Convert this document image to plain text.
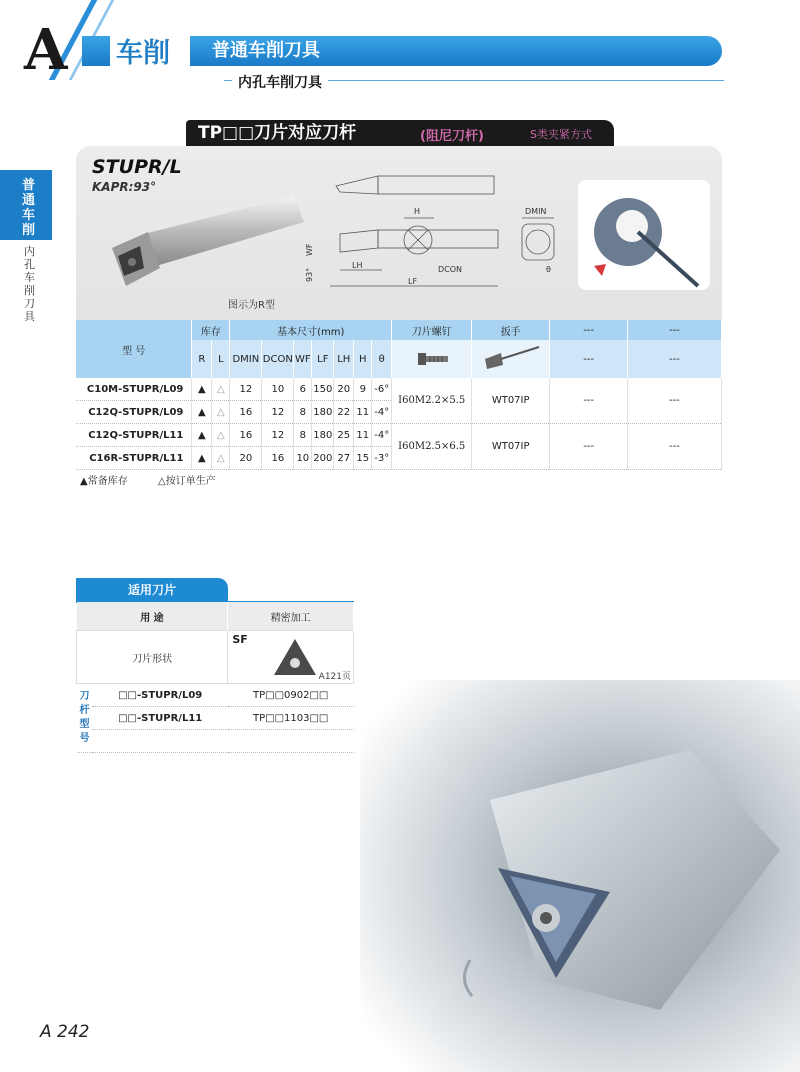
A 车削	普通车削刀具
内孔车削刀具
普通车削
内孔车削刀具
TP□□刀片对应刀杆	(阻尼刀杆)	S类夹紧方式
STUPR/L
KAPR:93°
图示为R型
H	DMIN
WF
93°
LH	DCON
LF
θ
型 号	库存		基本尺寸(mm)							刀片螺钉	扳手	---	---
	R	L	DMIN	DCON	WF	LF	LH	H	θ			---	---
C10M-STUPR/L09	▲	△	12	10	6	150	20	9	-6°	I60M2.2×5.5	WT07IP	---	---
C12Q-STUPR/L09	▲	△	16	12	8	180	22	11	-4°				
C12Q-STUPR/L11	▲	△	16	12	8	180	25	11	-4°	I60M2.5×6.5	WT07IP	---	---
C16R-STUPR/L11	▲	△	20	16	10	200	27	15	-3°				
▲常备库存	△按订单生产
适用刀片
用 途		精密加工
刀片形状		SF
A121页

刀杆型号	□□-STUPR/L09	TP□□0902□□
	□□-STUPR/L11	TP□□1103□□

A 242
